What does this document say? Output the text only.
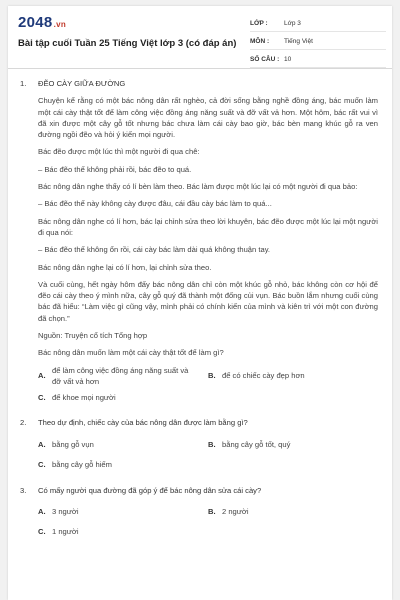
2048.vn
Bài tập cuối Tuần 25 Tiếng Việt lớp 3 (có đáp án)
LỚP :	Lớp 3
MÔN :	Tiếng Việt
SỐ CÂU : 10
1. ĐẼO CÀY GIỮA ĐƯỜNG
Chuyện kể rằng có một bác nông dân rất nghèo, cả đời sống bằng nghề đồng áng, bác muốn làm một cái cày thật tốt để làm công việc đồng áng năng suất và đỡ vất vả hơn. Một hôm, bác rất vui vì đã xin được một cây gỗ tốt nhưng bác chưa làm cái cày bao giờ, bác bèn mang khúc gỗ ra ven đường ngồi đẽo và hỏi ý kiến mọi người.
Bác đẽo được một lúc thì một người đi qua chê:
– Bác đẽo thế không phải rồi, bác đẽo to quá.
Bác nông dân nghe thấy có lí bèn làm theo. Bác làm được một lúc lại có một người đi qua bảo:
– Bác đẽo thế này không cày được đâu, cái đầu cày bác làm to quá...
Bác nông dân nghe có lí hơn, bác lại chỉnh sửa theo lời khuyên, bác đẽo được một lúc lại một người đi qua nói:
– Bác đẽo thế không ổn rồi, cái cày bác làm dài quá không thuận tay.
Bác nông dân nghe lại có lí hơn, lại chỉnh sửa theo.
Và cuối cùng, hết ngày hôm đấy bác nông dân chỉ còn một khúc gỗ nhỏ, bác không còn cơ hội để đẽo cái cày theo ý mình nữa, cây gỗ quý đã thành một đống củi vụn. Bác buồn lắm nhưng cuối cùng bác đã hiểu: “Làm việc gì cũng vậy, mình phải có chính kiến của mình và kiên trì với một con đường đã chọn.”
Nguồn: Truyện cổ tích Tổng hợp
Bác nông dân muốn làm một cái cày thật tốt để làm gì?
A.
để làm công việc đồng áng năng suất và đỡ vất vả hơn
B. để có chiếc cày đẹp hơn
C. để khoe mọi người
2. Theo dự định, chiếc cày của bác nông dân được làm bằng gì?
A. bằng gỗ vụn	B. bằng cây gỗ tốt, quý
C. bằng cây gỗ hiếm
3. Có mấy người qua đường đã góp ý để bác nông dân sửa cái cày?
A. 3 người	B. 2 người
C. 1 người
